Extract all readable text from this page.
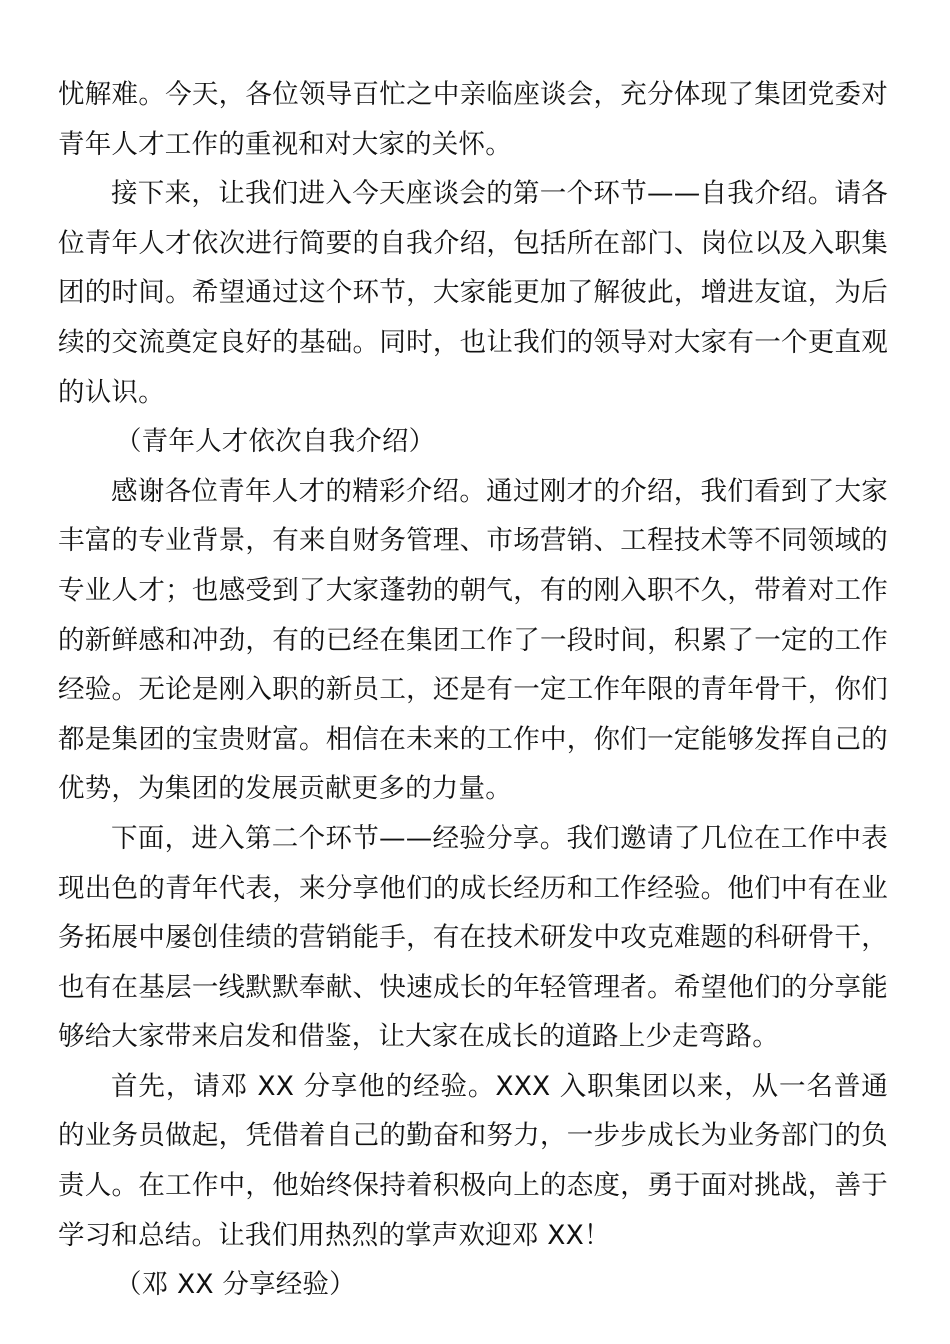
忧解难。今天，各位领导百忙之中亲临座谈会，充分体现了集团党委对青年人才工作的重视和对大家的关怀。

接下来，让我们进入今天座谈会的第一个环节——自我介绍。请各位青年人才依次进行简要的自我介绍，包括所在部门、岗位以及入职集团的时间。希望通过这个环节，大家能更加了解彼此，增进友谊，为后续的交流奠定良好的基础。同时，也让我们的领导对大家有一个更直观的认识。

（青年人才依次自我介绍）

感谢各位青年人才的精彩介绍。通过刚才的介绍，我们看到了大家丰富的专业背景，有来自财务管理、市场营销、工程技术等不同领域的专业人才；也感受到了大家蓬勃的朝气，有的刚入职不久，带着对工作的新鲜感和冲劲，有的已经在集团工作了一段时间，积累了一定的工作经验。无论是刚入职的新员工，还是有一定工作年限的青年骨干，你们都是集团的宝贵财富。相信在未来的工作中，你们一定能够发挥自己的优势，为集团的发展贡献更多的力量。

下面，进入第二个环节——经验分享。我们邀请了几位在工作中表现出色的青年代表，来分享他们的成长经历和工作经验。他们中有在业务拓展中屡创佳绩的营销能手，有在技术研发中攻克难题的科研骨干，也有在基层一线默默奉献、快速成长的年轻管理者。希望他们的分享能够给大家带来启发和借鉴，让大家在成长的道路上少走弯路。

首先，请邓 XX 分享他的经验。XXX 入职集团以来，从一名普通的业务员做起，凭借着自己的勤奋和努力，一步步成长为业务部门的负责人。在工作中，他始终保持着积极向上的态度，勇于面对挑战，善于学习和总结。让我们用热烈的掌声欢迎邓 XX！

（邓 XX 分享经验）
